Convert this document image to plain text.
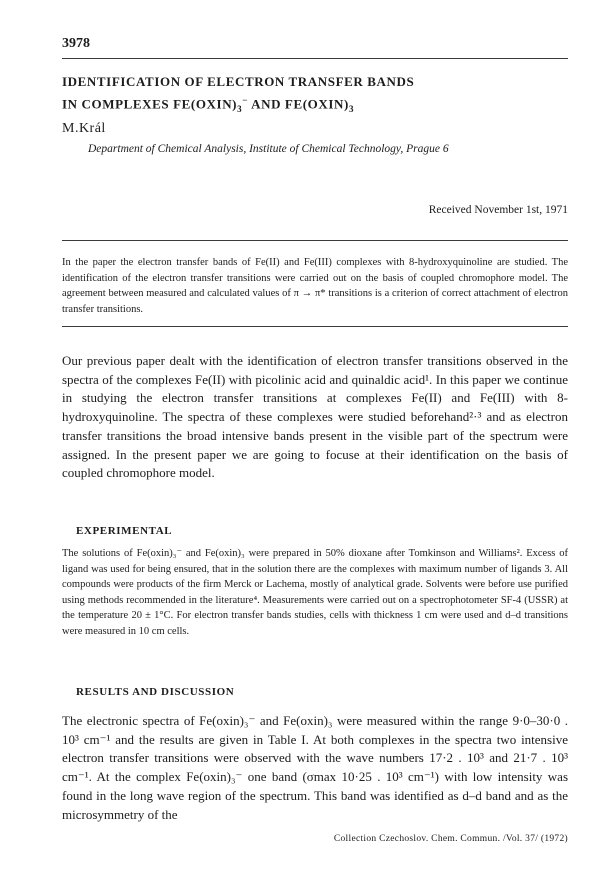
3978
IDENTIFICATION OF ELECTRON TRANSFER BANDS
IN COMPLEXES $FE(OXIN)_3^-$ AND $FE(OXIN)_3$
M.Král
Department of Chemical Analysis, Institute of Chemical Technology, Prague 6
Received November 1st, 1971

In the paper the electron transfer bands of Fe(II) and Fe(III) complexes with 8-hydroxyquinoline are studied. The identification of the electron transfer transitions were carried out on the basis of coupled chromophore model. The agreement between measured and calculated values of π → π* transitions is a criterion of correct attachment of electron transfer transitions.

Our previous paper dealt with the identification of electron transfer transitions observed in the spectra of the complexes Fe(II) with picolinic acid and quinaldic acid¹. In this paper we continue in studying the electron transfer transitions at complexes Fe(II) and Fe(III) with 8-hydroxyquinoline. The spectra of these complexes were studied beforehand²·³ and as electron transfer transitions the broad intensive bands present in the visible part of the spectrum were assigned. In the present paper we are going to focuse at their identification on the basis of coupled chromophore model.

EXPERIMENTAL

The solutions of Fe(oxin)₃⁻ and Fe(oxin)₃ were prepared in 50% dioxane after Tomkinson and Williams². Excess of ligand was used for being ensured, that in the solution there are the complexes with maximum number of ligands 3. All compounds were products of the firm Merck or Lachema, mostly of analytical grade. Solvents were before use purified using methods recommended in the literature⁴. Measurements were carried out on a spectrophotometer SF-4 (USSR) at the temperature 20 ± 1°C. For electron transfer bands studies, cells with thickness 1 cm were used and d–d transitions were measured in 10 cm cells.

RESULTS AND DISCUSSION

The electronic spectra of Fe(oxin)₃⁻ and Fe(oxin)₃ were measured within the range 9·0–30·0 . 10³ cm⁻¹ and the results are given in Table I. At both complexes in the spectra two intensive electron transfer transitions were observed with the wave numbers 17·2 . 10³ and 21·7 . 10³ cm⁻¹. At the complex Fe(oxin)₃⁻ one band (σmax 10·25 . 10³ cm⁻¹) with low intensity was found in the long wave region of the spectrum. This band was identified as d–d band and as the microsymmetry of the

Collection Czechoslov. Chem. Commun. /Vol. 37/ (1972)
